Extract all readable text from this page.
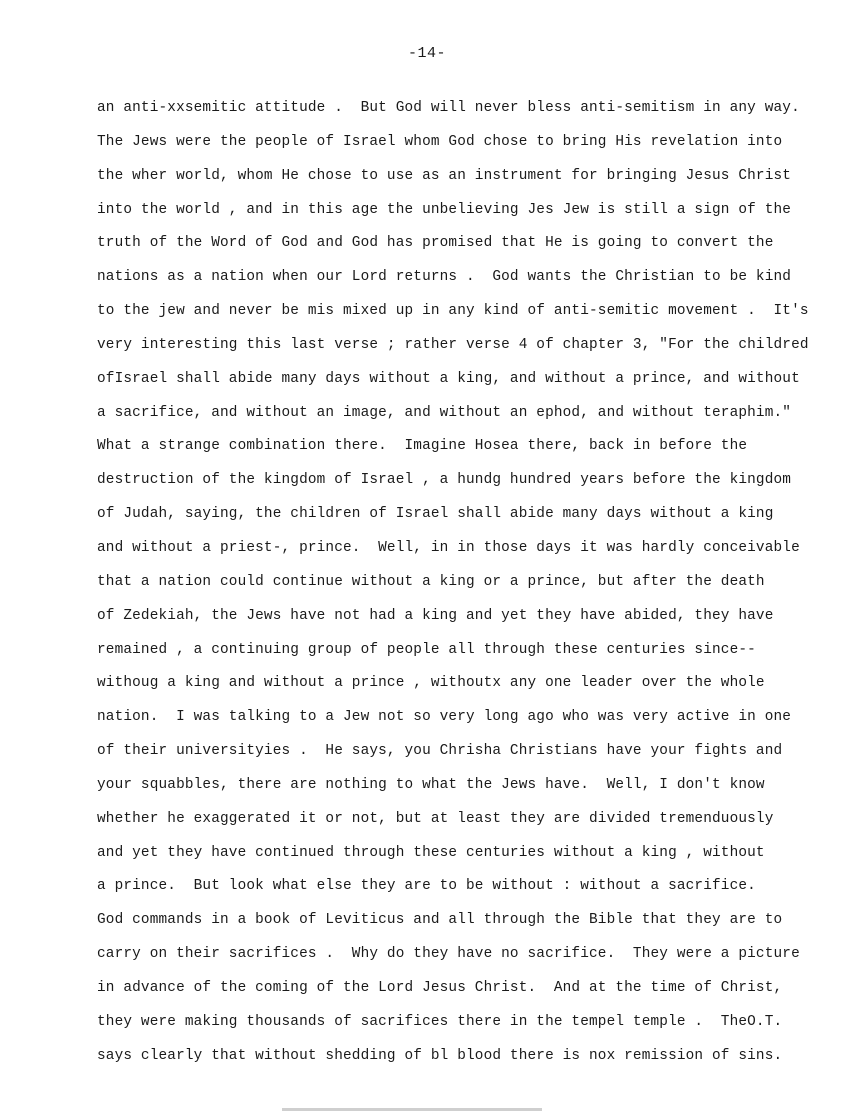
-14-
an anti-xxsemitic attitude .  But God will never bless anti-semitism in any way.
The Jews were the people of Israel whom God chose to bring His revelation into
the wher world, whom He chose to use as an instrument for bringing Jesus Christ
into the world , and in this age the unbelieving Jes Jew is still a sign of the
truth of the Word of God and God has promised that He is going to convert the
nations as a nation when our Lord returns .  God wants the Christian to be kind
to the jew and never be mis mixed up in any kind of anti-semitic movement .  It's
very interesting this last verse ; rather verse 4 of chapter 3, "For the childred
ofIsrael shall abide many days without a king, and without a prince, and without
a sacrifice, and without an image, and without an ephod, and without teraphim."
What a strange combination there.  Imagine Hosea there, back in before the
destruction of the kingdom of Israel , a hundg hundred years before the kingdom
of Judah, saying, the children of Israel shall abide many days without a king
and without a priest-, prince.  Well, in in those days it was hardly conceivable
that a nation could continue without a king or a prince, but after the death
of Zedekiah, the Jews have not had a king and yet they have abided, they have
remained , a continuing group of people all through these centuries since--
withoug a king and without a prince , withoutx any one leader over the whole
nation.  I was talking to a Jew not so very long ago who was very active in one
of their universityies .  He says, you Chrisha Christians have your fights and
your squabbles, there are nothing to what the Jews have.  Well, I don't know
whether he exaggerated it or not, but at least they are divided tremenduously
and yet they have continued through these centuries without a king , without
a prince.  But look what else they are to be without : without a sacrifice.
God commands in a book of Leviticus and all through the Bible that they are to
carry on their sacrifices .  Why do they have no sacrifice.  They were a picture
in advance of the coming of the Lord Jesus Christ.  And at the time of Christ,
they were making thousands of sacrifices there in the tempel temple .  TheO.T.
says clearly that without shedding of bl blood there is nox remission of sins.
